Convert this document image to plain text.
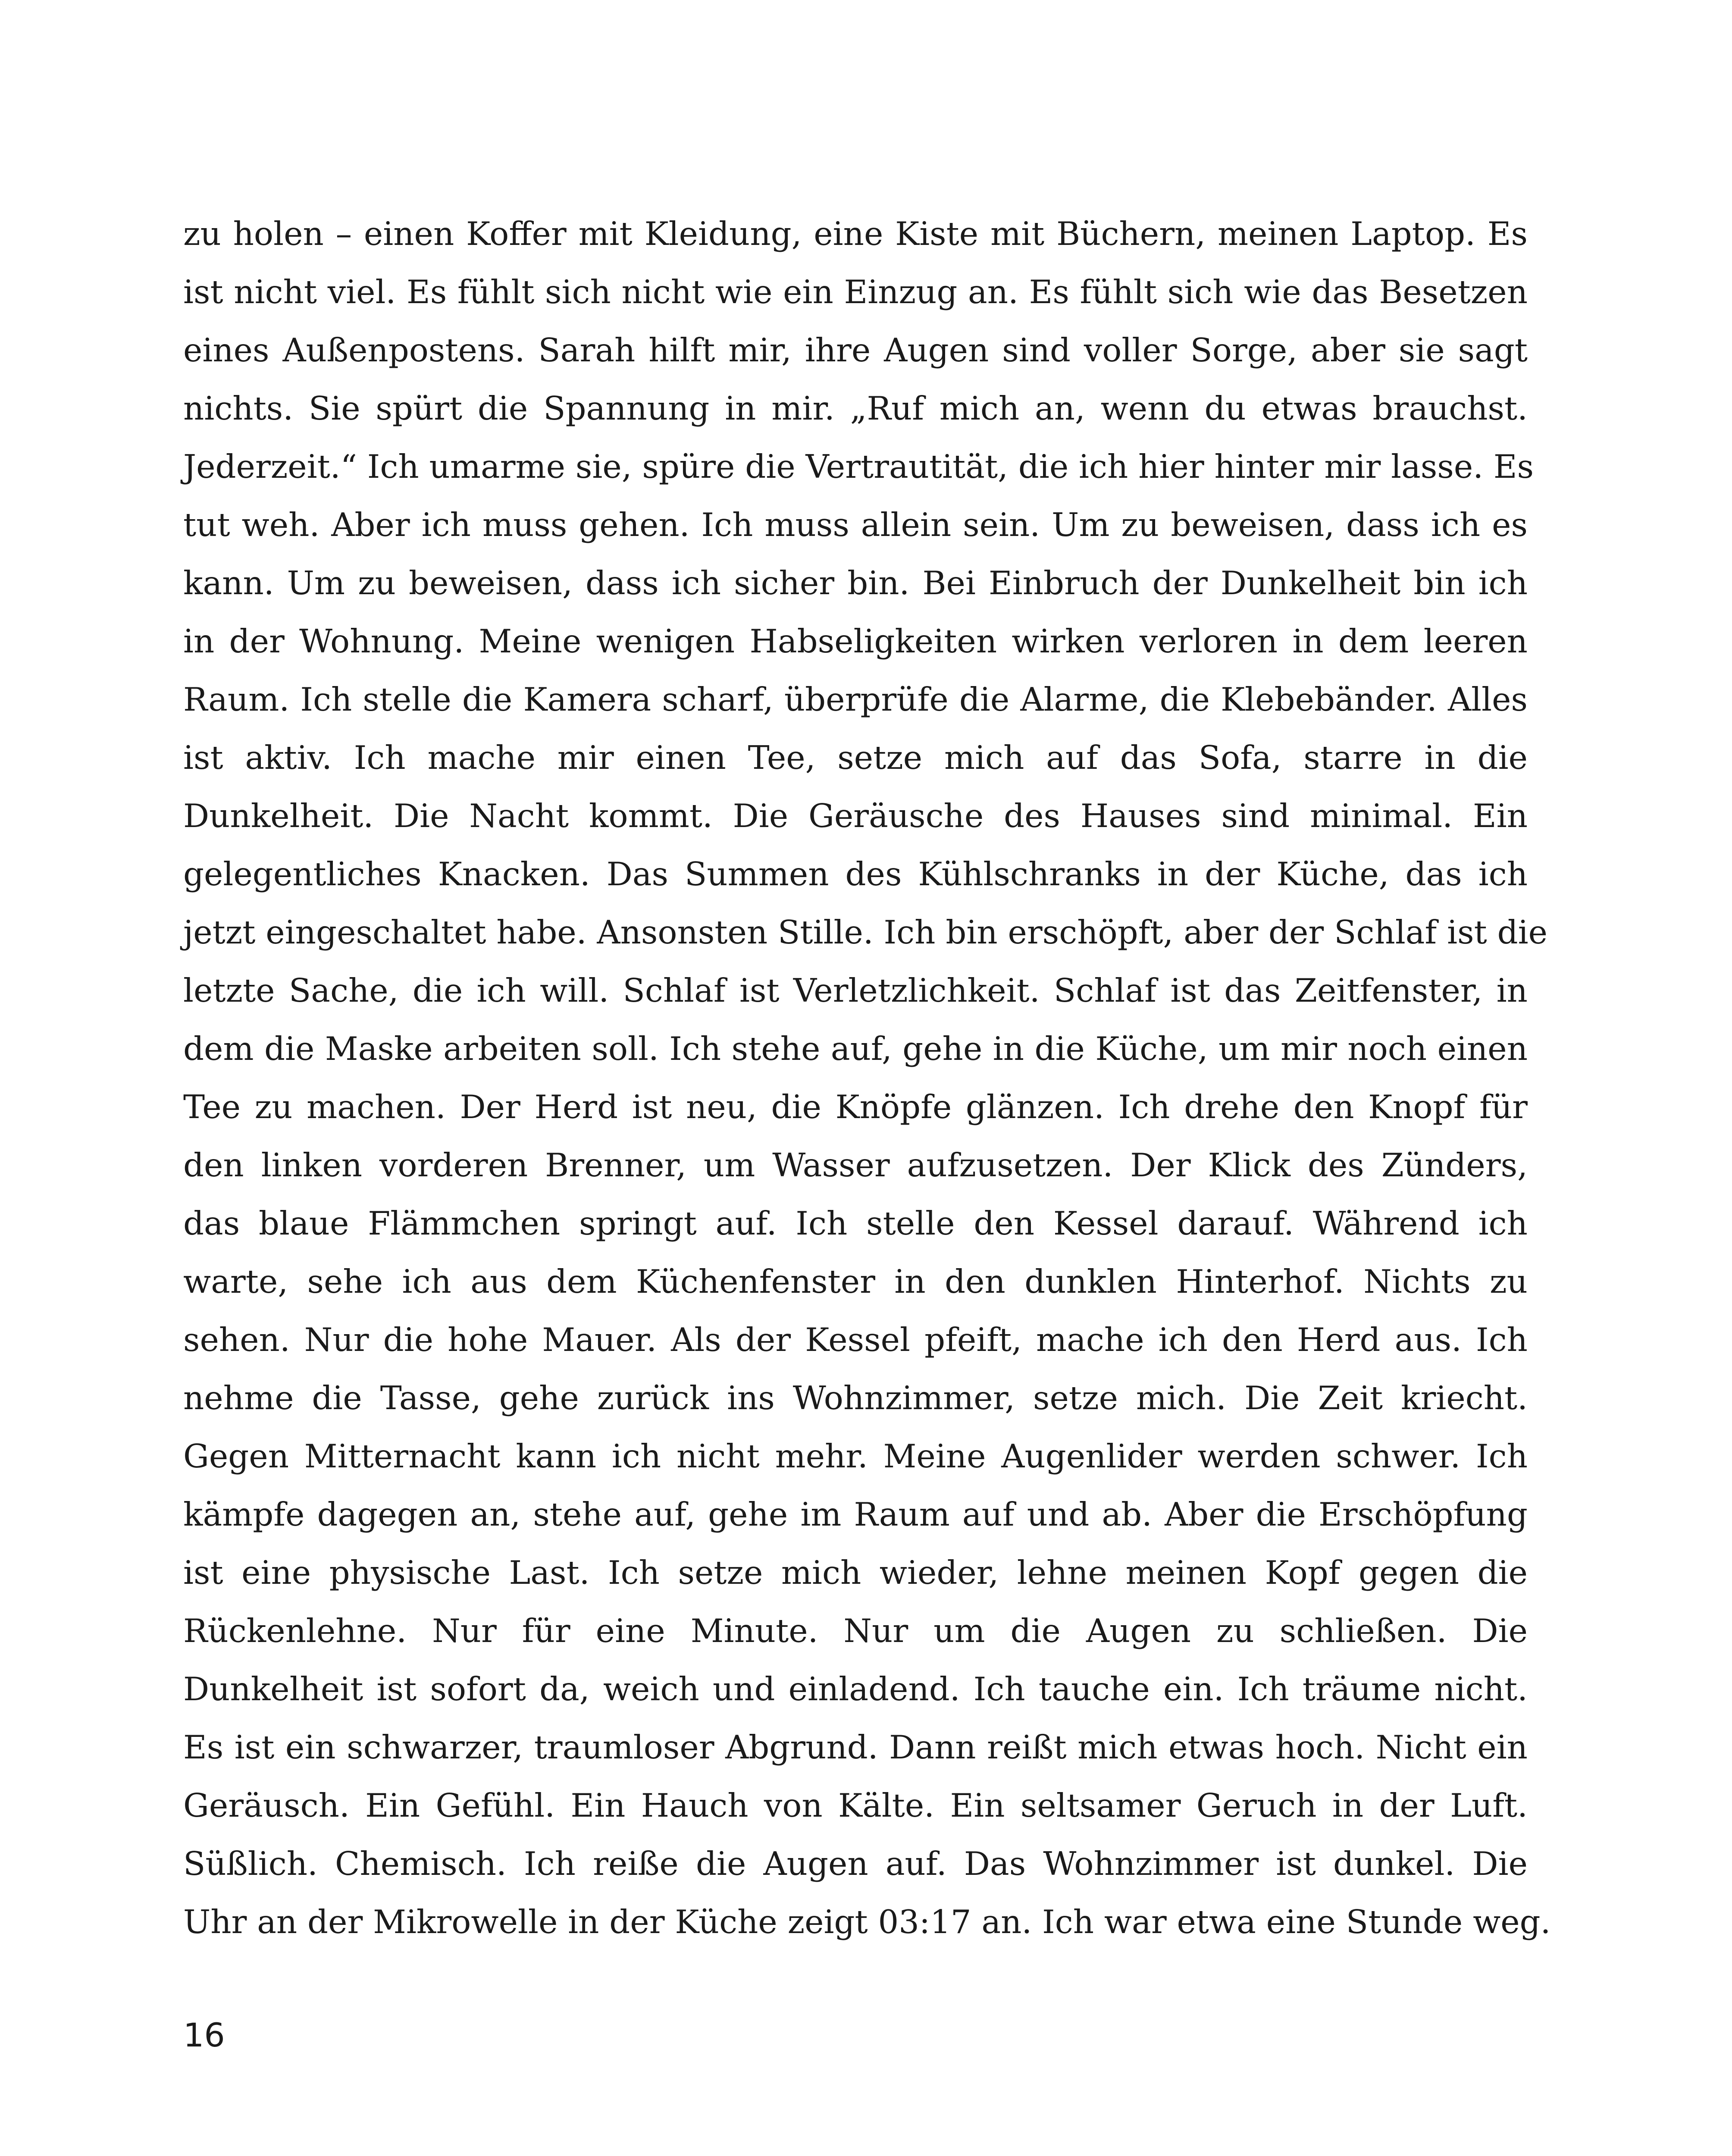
zu holen – einen Koffer mit Kleidung, eine Kiste mit Büchern, meinen Laptop. Es
ist nicht viel. Es fühlt sich nicht wie ein Einzug an. Es fühlt sich wie das Besetzen
eines Außenpostens. Sarah hilft mir, ihre Augen sind voller Sorge, aber sie sagt
nichts. Sie spürt die Spannung in mir. „Ruf mich an, wenn du etwas brauchst.
Jederzeit.“ Ich umarme sie, spüre die Vertrautität, die ich hier hinter mir lasse. Es
tut weh. Aber ich muss gehen. Ich muss allein sein. Um zu beweisen, dass ich es
kann. Um zu beweisen, dass ich sicher bin. Bei Einbruch der Dunkelheit bin ich
in der Wohnung. Meine wenigen Habseligkeiten wirken verloren in dem leeren
Raum. Ich stelle die Kamera scharf, überprüfe die Alarme, die Klebebänder. Alles
ist aktiv. Ich mache mir einen Tee, setze mich auf das Sofa, starre in die
Dunkelheit. Die Nacht kommt. Die Geräusche des Hauses sind minimal. Ein
gelegentliches Knacken. Das Summen des Kühlschranks in der Küche, das ich
jetzt eingeschaltet habe. Ansonsten Stille. Ich bin erschöpft, aber der Schlaf ist die
letzte Sache, die ich will. Schlaf ist Verletzlichkeit. Schlaf ist das Zeitfenster, in
dem die Maske arbeiten soll. Ich stehe auf, gehe in die Küche, um mir noch einen
Tee zu machen. Der Herd ist neu, die Knöpfe glänzen. Ich drehe den Knopf für
den linken vorderen Brenner, um Wasser aufzusetzen. Der Klick des Zünders,
das blaue Flämmchen springt auf. Ich stelle den Kessel darauf. Während ich
warte, sehe ich aus dem Küchenfenster in den dunklen Hinterhof. Nichts zu
sehen. Nur die hohe Mauer. Als der Kessel pfeift, mache ich den Herd aus. Ich
nehme die Tasse, gehe zurück ins Wohnzimmer, setze mich. Die Zeit kriecht.
Gegen Mitternacht kann ich nicht mehr. Meine Augenlider werden schwer. Ich
kämpfe dagegen an, stehe auf, gehe im Raum auf und ab. Aber die Erschöpfung
ist eine physische Last. Ich setze mich wieder, lehne meinen Kopf gegen die
Rückenlehne. Nur für eine Minute. Nur um die Augen zu schließen. Die
Dunkelheit ist sofort da, weich und einladend. Ich tauche ein. Ich träume nicht.
Es ist ein schwarzer, traumloser Abgrund. Dann reißt mich etwas hoch. Nicht ein
Geräusch. Ein Gefühl. Ein Hauch von Kälte. Ein seltsamer Geruch in der Luft.
Süßlich. Chemisch. Ich reiße die Augen auf. Das Wohnzimmer ist dunkel. Die
Uhr an der Mikrowelle in der Küche zeigt 03:17 an. Ich war etwa eine Stunde weg.
16
